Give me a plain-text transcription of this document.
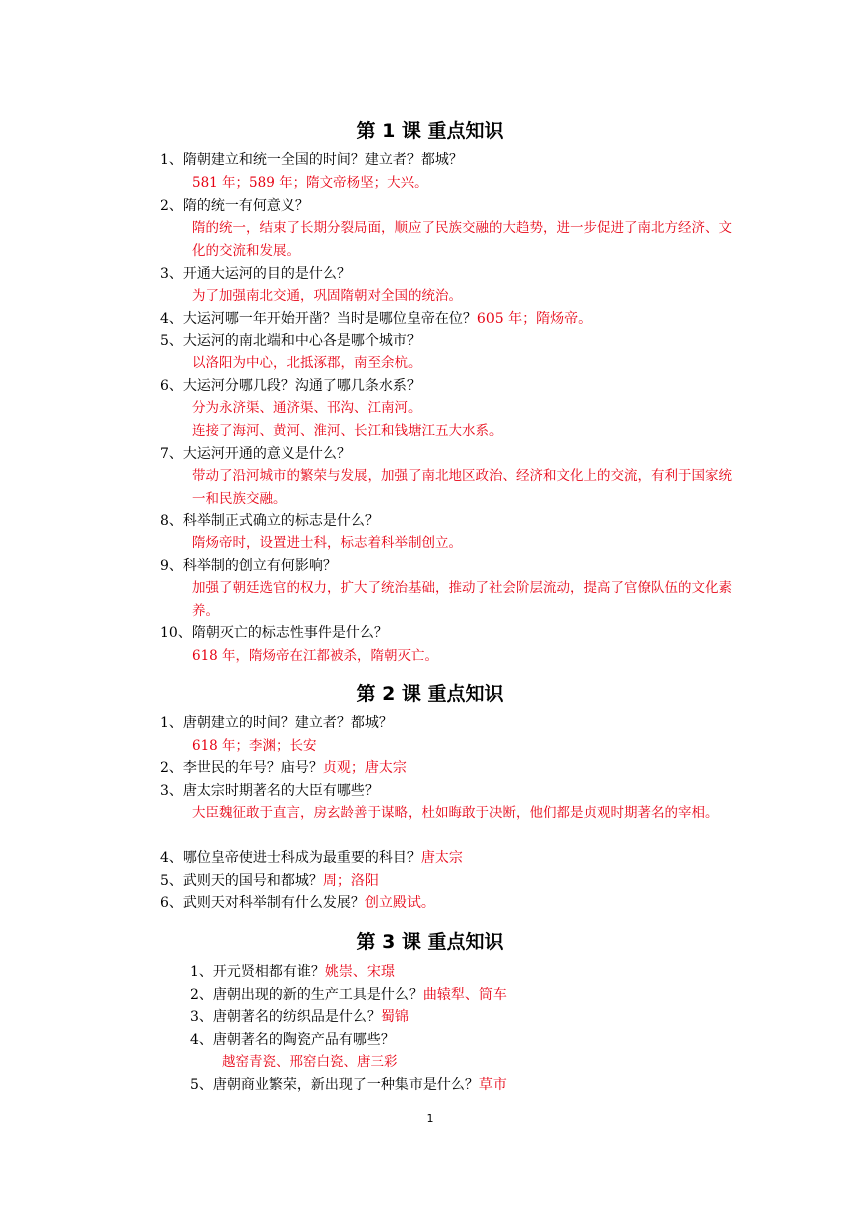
第 1 课 重点知识
1、隋朝建立和统一全国的时间？建立者？都城？
581 年；589 年；隋文帝杨坚；大兴。
2、隋的统一有何意义？
隋的统一，结束了长期分裂局面，顺应了民族交融的大趋势，进一步促进了南北方经济、文化的交流和发展。
3、开通大运河的目的是什么？
为了加强南北交通，巩固隋朝对全国的统治。
4、大运河哪一年开始开凿？当时是哪位皇帝在位？605 年；隋炀帝。
5、大运河的南北端和中心各是哪个城市？
以洛阳为中心，北抵涿郡，南至余杭。
6、大运河分哪几段？沟通了哪几条水系？
分为永济渠、通济渠、邗沟、江南河。
连接了海河、黄河、淮河、长江和钱塘江五大水系。
7、大运河开通的意义是什么？
带动了沿河城市的繁荣与发展，加强了南北地区政治、经济和文化上的交流，有利于国家统一和民族交融。
8、科举制正式确立的标志是什么？
隋炀帝时，设置进士科，标志着科举制创立。
9、科举制的创立有何影响？
加强了朝廷选官的权力，扩大了统治基础，推动了社会阶层流动，提高了官僚队伍的文化素养。
10、隋朝灭亡的标志性事件是什么？
618 年，隋炀帝在江都被杀，隋朝灭亡。
第 2 课 重点知识
1、唐朝建立的时间？建立者？都城？
618 年；李渊；长安
2、李世民的年号？庙号？贞观；唐太宗
3、唐太宗时期著名的大臣有哪些？
大臣魏征敢于直言，房玄龄善于谋略，杜如晦敢于决断，他们都是贞观时期著名的宰相。
4、哪位皇帝使进士科成为最重要的科目？唐太宗
5、武则天的国号和都城？周；洛阳
6、武则天对科举制有什么发展？创立殿试。
第 3 课 重点知识
1、开元贤相都有谁？姚崇、宋璟
2、唐朝出现的新的生产工具是什么？曲辕犁、筒车
3、唐朝著名的纺织品是什么？蜀锦
4、唐朝著名的陶瓷产品有哪些？
越窑青瓷、邢窑白瓷、唐三彩
5、唐朝商业繁荣，新出现了一种集市是什么？草市
1
